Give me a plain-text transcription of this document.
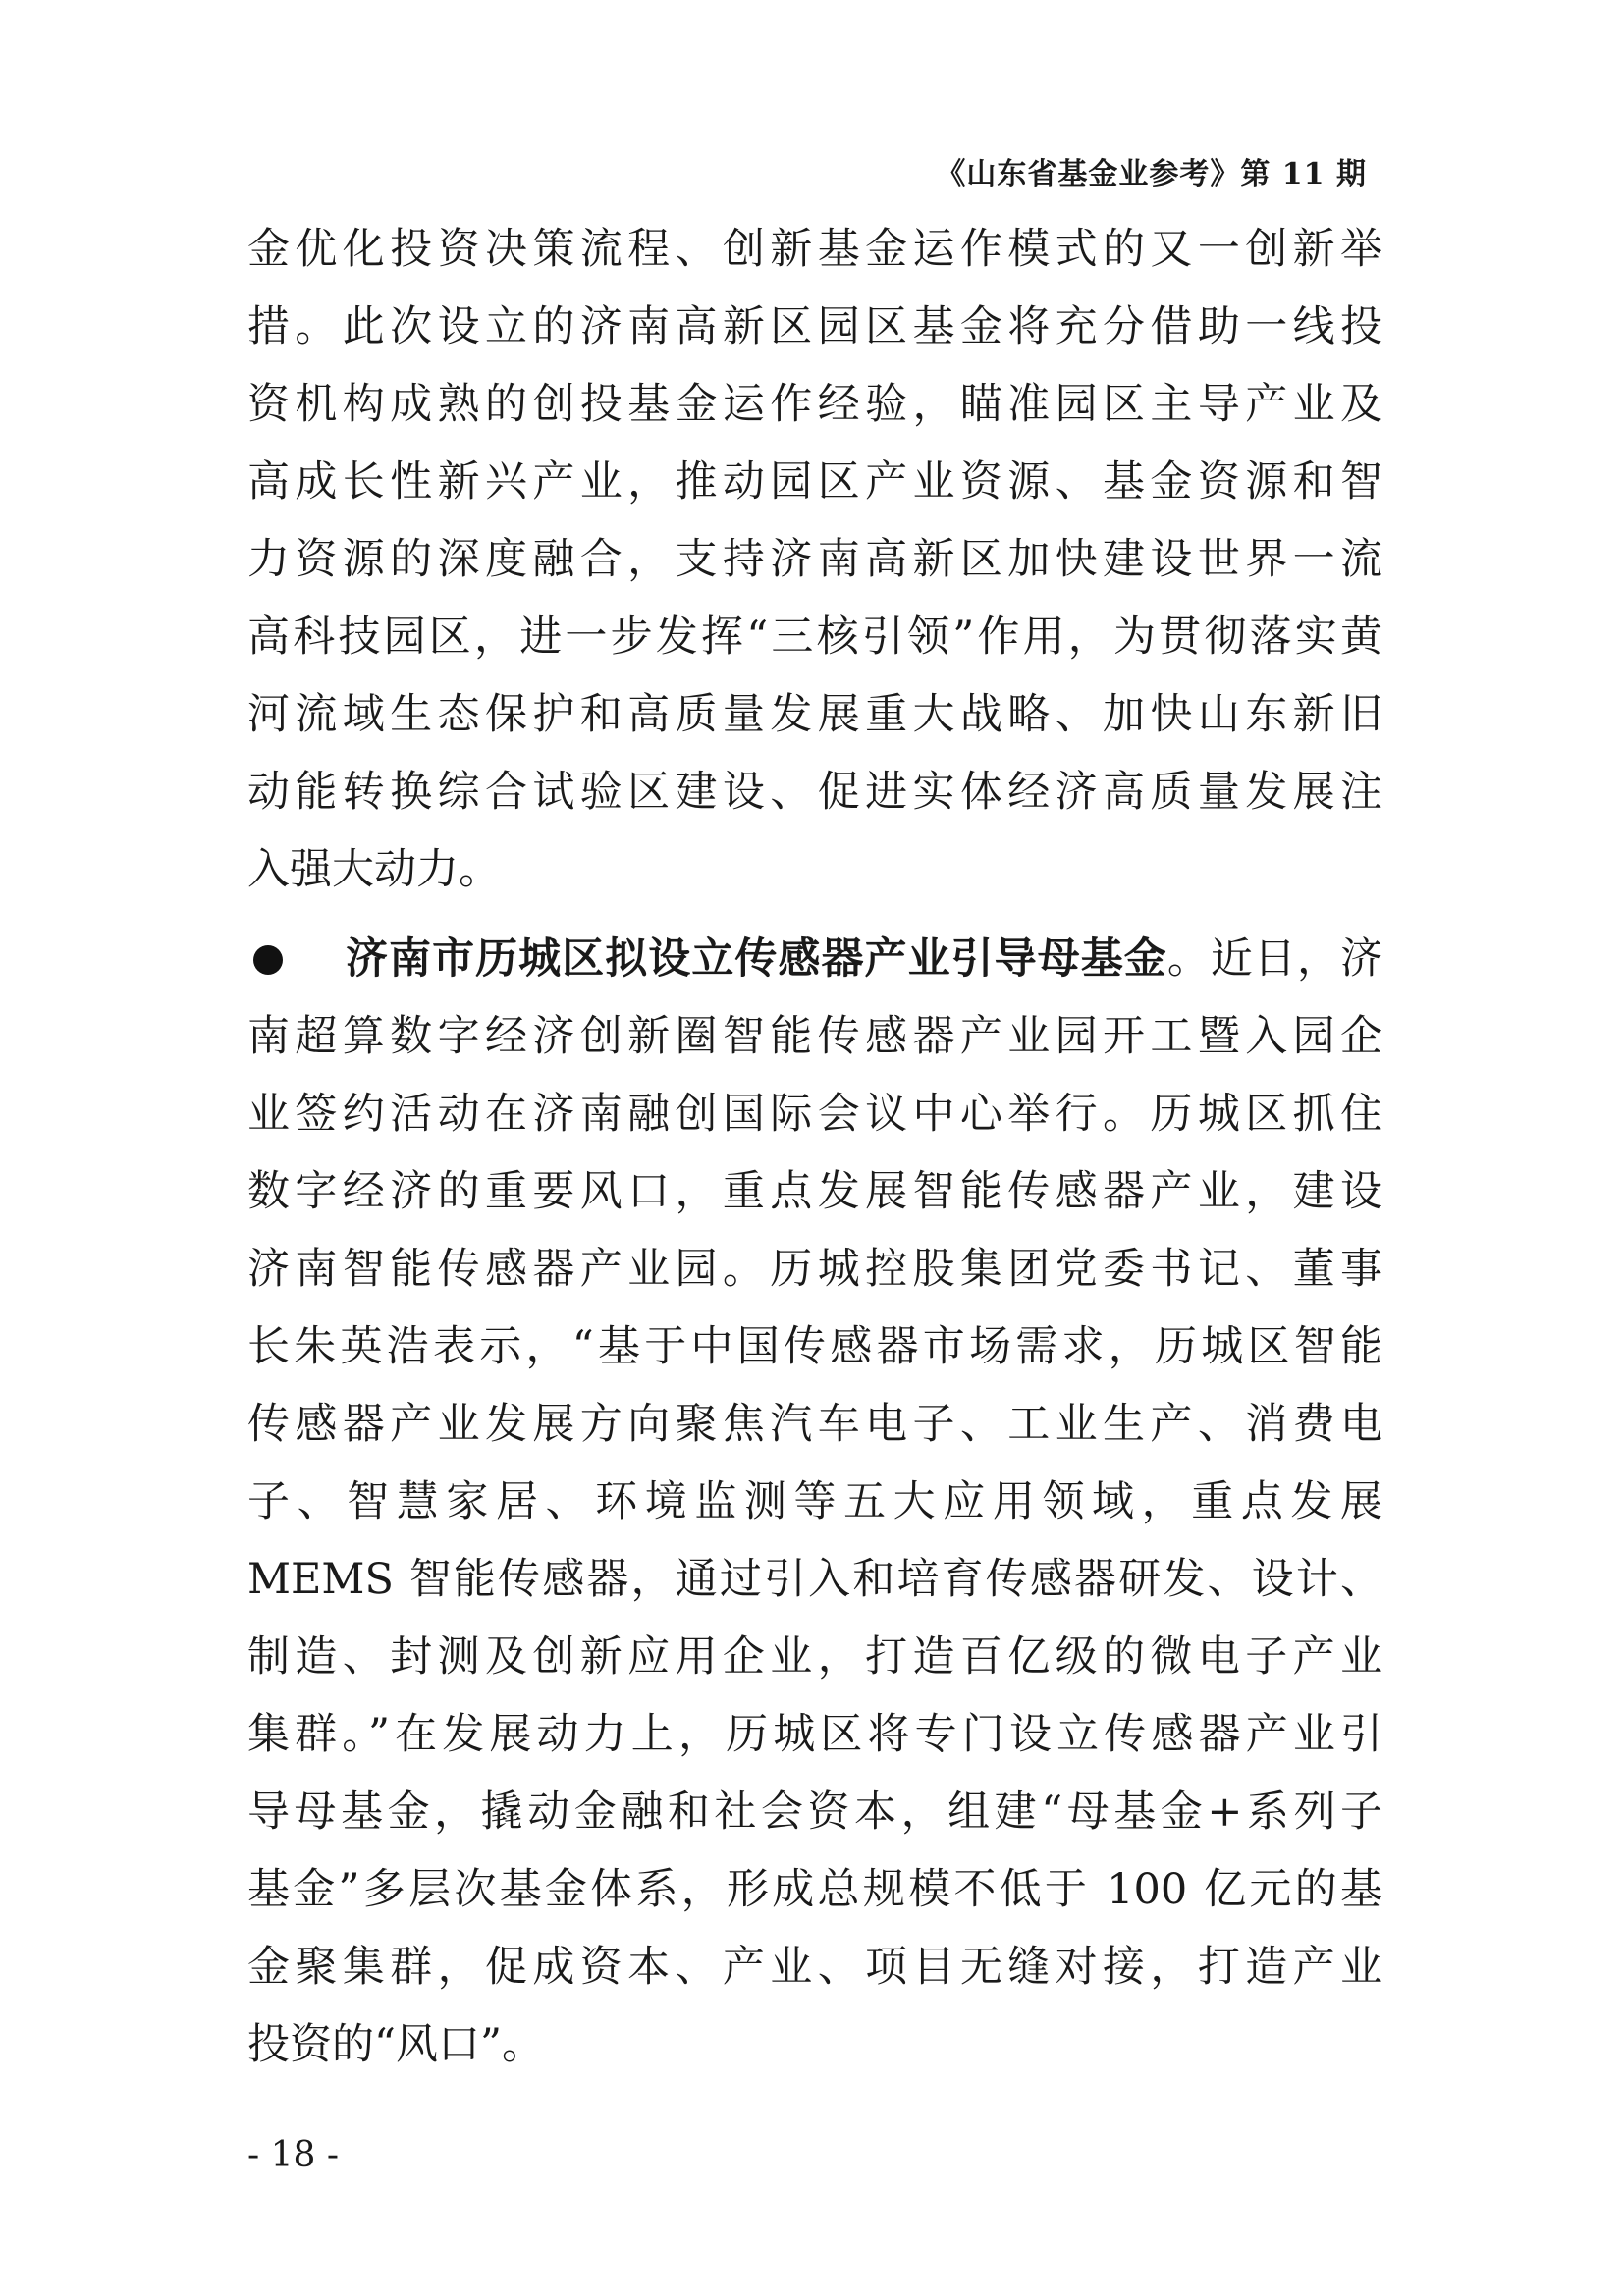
《山东省基金业参考》第 11 期
金优化投资决策流程、创新基金运作模式的又一创新举
措。此次设立的济南高新区园区基金将充分借助一线投
资机构成熟的创投基金运作经验，瞄准园区主导产业及
高成长性新兴产业，推动园区产业资源、基金资源和智
力资源的深度融合，支持济南高新区加快建设世界一流
高科技园区，进一步发挥“三核引领”作用，为贯彻落实黄
河流域生态保护和高质量发展重大战略、加快山东新旧
动能转换综合试验区建设、促进实体经济高质量发展注
入强大动力。
济南市历城区拟设立传感器产业引导母基金。近日，济
南超算数字经济创新圈智能传感器产业园开工暨入园企
业签约活动在济南融创国际会议中心举行。历城区抓住
数字经济的重要风口，重点发展智能传感器产业，建设
济南智能传感器产业园。历城控股集团党委书记、董事
长朱英浩表示，“基于中国传感器市场需求，历城区智能
传感器产业发展方向聚焦汽车电子、工业生产、消费电
子、智慧家居、环境监测等五大应用领域，重点发展
MEMS 智能传感器，通过引入和培育传感器研发、设计、
制造、封测及创新应用企业，打造百亿级的微电子产业
集群。”在发展动力上，历城区将专门设立传感器产业引
导母基金，撬动金融和社会资本，组建“母基金+系列子
基金”多层次基金体系，形成总规模不低于 100 亿元的基
金聚集群，促成资本、产业、项目无缝对接，打造产业
投资的“风口”。
- 18 -
